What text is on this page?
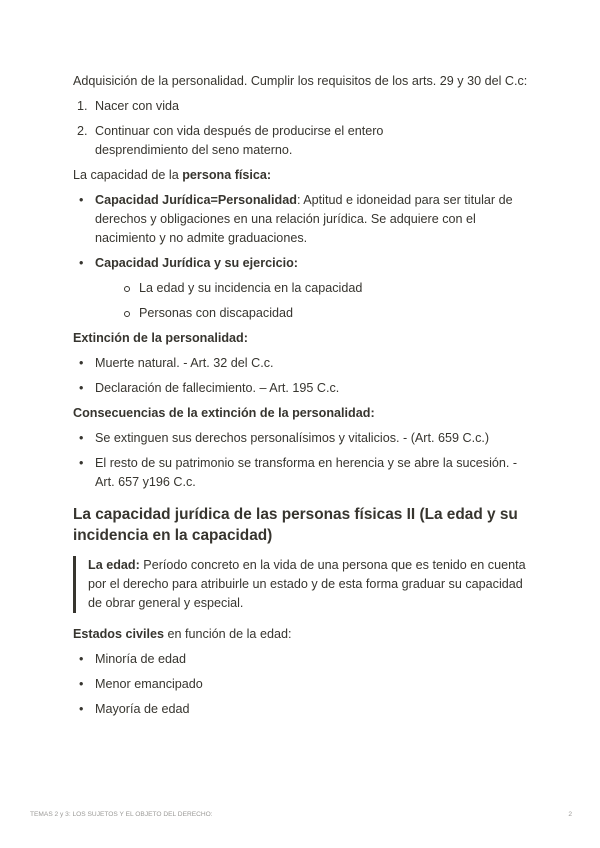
Adquisición de la personalidad. Cumplir los requisitos de los arts. 29 y 30 del C.c:

1. Nacer con vida
2. Continuar con vida después de producirse el entero desprendimiento del seno materno.

La capacidad de la persona física:

• Capacidad Jurídica=Personalidad: Aptitud e idoneidad para ser titular de derechos y obligaciones en una relación jurídica. Se adquiere con el nacimiento y no admite graduaciones.
• Capacidad Jurídica y su ejercicio:
La edad y su incidencia en la capacidad
Personas con discapacidad

Extinción de la personalidad:

• Muerte natural. - Art. 32 del C.c.
• Declaración de fallecimiento. – Art. 195 C.c.

Consecuencias de la extinción de la personalidad:

• Se extinguen sus derechos personalísimos y vitalicios. - (Art. 659 C.c.)
• El resto de su patrimonio se transforma en herencia y se abre la sucesión. - Art. 657 y196 C.c.
La capacidad jurídica de las personas físicas II (La edad y su incidencia en la capacidad)
La edad: Período concreto en la vida de una persona que es tenido en cuenta por el derecho para atribuirle un estado y de esta forma graduar su capacidad de obrar general y especial.

Estados civiles en función de la edad:

• Minoría de edad
• Menor emancipado
• Mayoría de edad
TEMAS 2 y 3: LOS SUJETOS Y EL OBJETO DEL DERECHO:	2
